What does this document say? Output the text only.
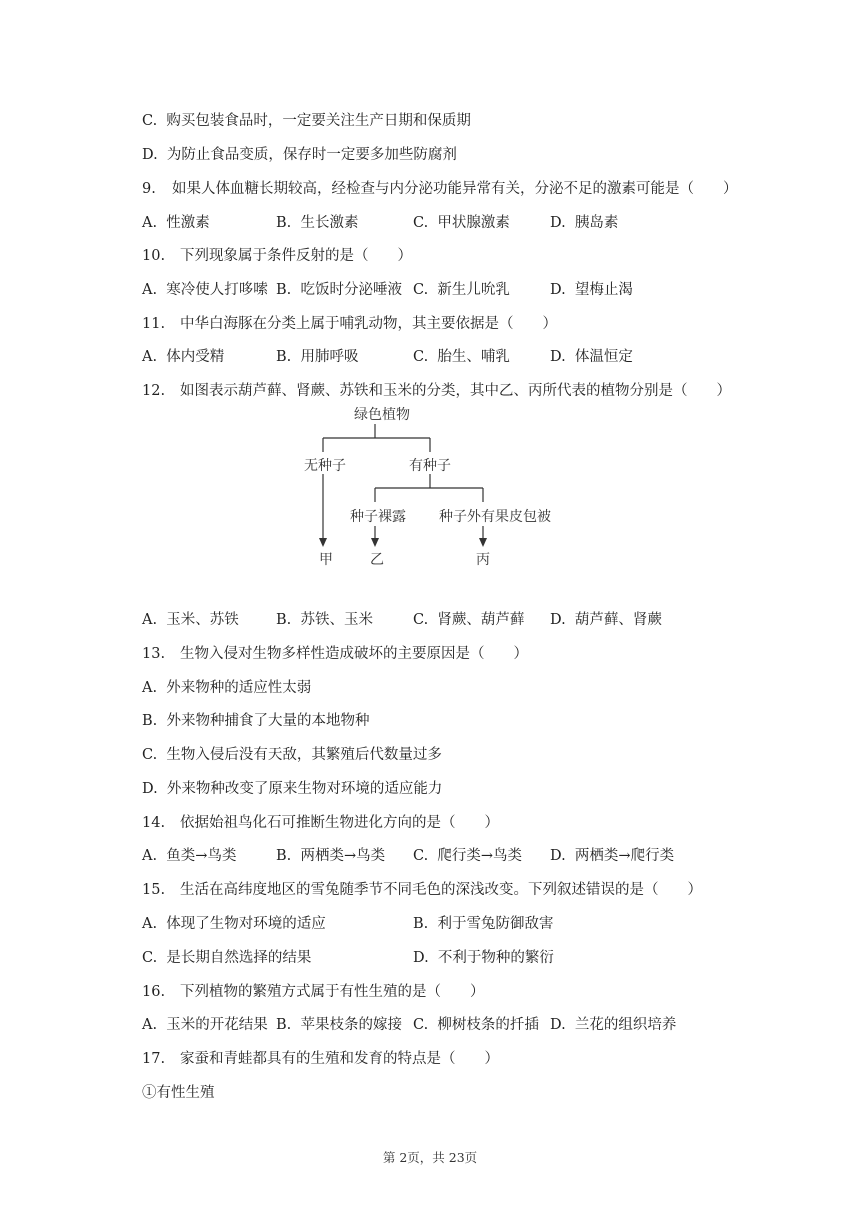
C.  购买包装食品时，一定要关注生产日期和保质期
D.  为防止食品变质，保存时一定要多加些防腐剂
9. 如果人体血糖长期较高，经检查与内分泌功能异常有关，分泌不足的激素可能是（　　）
A.  性激素	B.  生长激素	C.  甲状腺激素	D.  胰岛素
10. 下列现象属于条件反射的是（　　）
A.  寒冷使人打哆嗦 B.  吃饭时分泌唾液 C.  新生儿吮乳	D.  望梅止渴
11. 中华白海豚在分类上属于哺乳动物，其主要依据是（　　）
A.  体内受精	B.  用肺呼吸	C.  胎生、哺乳	D.  体温恒定
12. 如图表示葫芦藓、肾蕨、苏铁和玉米的分类，其中乙、丙所代表的植物分别是（　　）
绿色植物
无种子	有种子
种子裸露 种子外有果皮包被
甲	乙	丙
A.  玉米、苏铁	B.  苏铁、玉米	C.  肾蕨、葫芦藓 D.  葫芦藓、肾蕨
13. 生物入侵对生物多样性造成破坏的主要原因是（　　）
A.  外来物种的适应性太弱
B.  外来物种捕食了大量的本地物种
C.  生物入侵后没有天敌，其繁殖后代数量过多
D.  外来物种改变了原来生物对环境的适应能力
14. 依据始祖鸟化石可推断生物进化方向的是（　　）
A.  鱼类→鸟类	B.  两栖类→鸟类 C.  爬行类→鸟类 D.  两栖类→爬行类
15. 生活在高纬度地区的雪兔随季节不同毛色的深浅改变。下列叙述错误的是（　　）
A.  体现了生物对环境的适应	B.  利于雪兔防御敌害
C.  是长期自然选择的结果	D.  不利于物种的繁衍
16. 下列植物的繁殖方式属于有性生殖的是（　　）
A.  玉米的开花结果 B.  苹果枝条的嫁接 C.  柳树枝条的扦插 D.  兰花的组织培养
17. 家蚕和青蛙都具有的生殖和发育的特点是（　　）
①有性生殖
第 2页，共 23页
